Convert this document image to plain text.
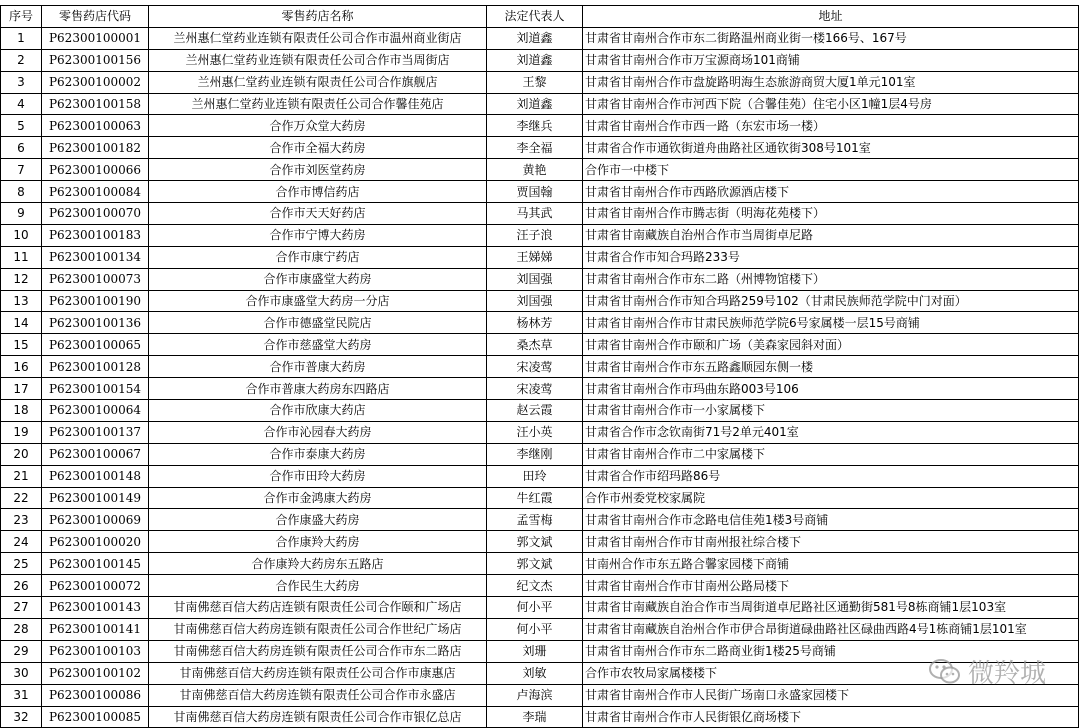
序号	零售药店代码	零售药店名称	法定代表人	地址
1	P62300100001	兰州惠仁堂药业连锁有限责任公司合作市温州商业街店	刘道鑫	甘肃省甘南州合作市东二街路温州商业街一楼166号、167号
2	P62300100156	兰州惠仁堂药业连锁有限责任公司合作市当周街店	刘道鑫	甘肃省甘南州合作市万宝源商场101商铺
3	P62300100002	兰州惠仁堂药业连锁有限责任公司合作旗舰店	王黎	甘肃省甘南州合作市盘旋路明海生态旅游商贸大厦1单元101室
4	P62300100158	兰州惠仁堂药业连锁有限责任公司合作馨佳苑店	刘道鑫	甘肃省甘南州合作市河西下院（合馨佳苑）住宅小区1幢1层4号房
5	P62300100063	合作万众堂大药房	李继兵	甘肃省甘南州合作市西一路（东宏市场一楼）
6	P62300100182	合作市全福大药房	李全福	甘肃省合作市通钦街道舟曲路社区通钦街308号101室
7	P62300100066	合作市刘医堂药房	黄艳	合作市一中楼下
8	P62300100084	合作市博信药店	贾国翰	甘肃省甘南州合作市西路欣源酒店楼下
9	P62300100070	合作市天天好药店	马其武	甘肃省甘南州合作市腾志街（明海花苑楼下）
10	P62300100183	合作市宁博大药房	汪子浪	甘肃省甘南藏族自治州合作市当周街卓尼路
11	P62300100134	合作市康宁药店	王娣娣	甘肃省合作市知合玛路233号
12	P62300100073	合作市康盛堂大药房	刘国强	甘肃省甘南州合作市东二路（州博物馆楼下）
13	P62300100190	合作市康盛堂大药房一分店	刘国强	甘肃省甘南州合作市知合玛路259号102（甘肃民族师范学院中门对面）
14	P62300100136	合作市德盛堂民院店	杨林芳	甘肃省甘南州合作市甘肃民族师范学院6号家属楼一层15号商铺
15	P62300100065	合作市慈盛堂大药房	桑杰草	甘肃省甘南州合作市颐和广场（美森家园斜对面）
16	P62300100128	合作市普康大药房	宋凌莺	甘肃省甘南州合作市东五路鑫顺园东侧一楼
17	P62300100154	合作市普康大药房东四路店	宋凌莺	甘肃省甘南州合作市玛曲东路003号106
18	P62300100064	合作市欣康大药店	赵云霞	甘肃省甘南州合作市一小家属楼下
19	P62300100137	合作市沁园春大药房	汪小英	甘肃省合作市念钦南街71号2单元401室
20	P62300100067	合作市泰康大药房	李继刚	甘肃省甘南州合作市二中家属楼下
21	P62300100148	合作市田玲大药房	田玲	甘肃省合作市绍玛路86号
22	P62300100149	合作市金鸿康大药房	牛红霞	合作市州委党校家属院
23	P62300100069	合作康盛大药房	孟雪梅	甘肃省甘南州合作市念路电信佳苑1楼3号商铺
24	P62300100020	合作康羚大药房	郭文斌	甘肃省甘南州合作市甘南州报社综合楼下
25	P62300100145	合作康羚大药房东五路店	郭文斌	甘南州合作市东五路合馨家园楼下商铺
26	P62300100072	合作民生大药房	纪文杰	甘肃省甘南州合作市甘南州公路局楼下
27	P62300100143	甘南佛慈百信大药店连锁有限责任公司合作颐和广场店	何小平	甘肃省甘南藏族自治合作市当周街道卓尼路社区通勤街581号8栋商铺1层103室
28	P62300100141	甘南佛慈百信大药房连锁有限责任公司合作世纪广场店	何小平	甘肃省甘南藏族自治州合作市伊合昂街道碌曲路社区碌曲西路4号1栋商铺1层101室
29	P62300100103	甘南佛慈百信大药房连锁有限责任公司合作市东二路店	刘珊	甘肃省甘南州合作市东二路商业街1楼25号商铺
30	P62300100102	甘南佛慈百信大药房连锁有限责任公司合作市康惠店	刘敏	合作市农牧局家属楼楼下
31	P62300100086	甘南佛慈百信大药房连锁有限责任公司合作市永盛店	卢海滨	甘肃省甘南州合作市人民街广场南口永盛家园楼下
32	P62300100085	甘南佛慈百信大药房连锁有限责任公司合作市银亿总店	李瑞	甘肃省甘南州合作市人民街银亿商场楼下
微羚城
